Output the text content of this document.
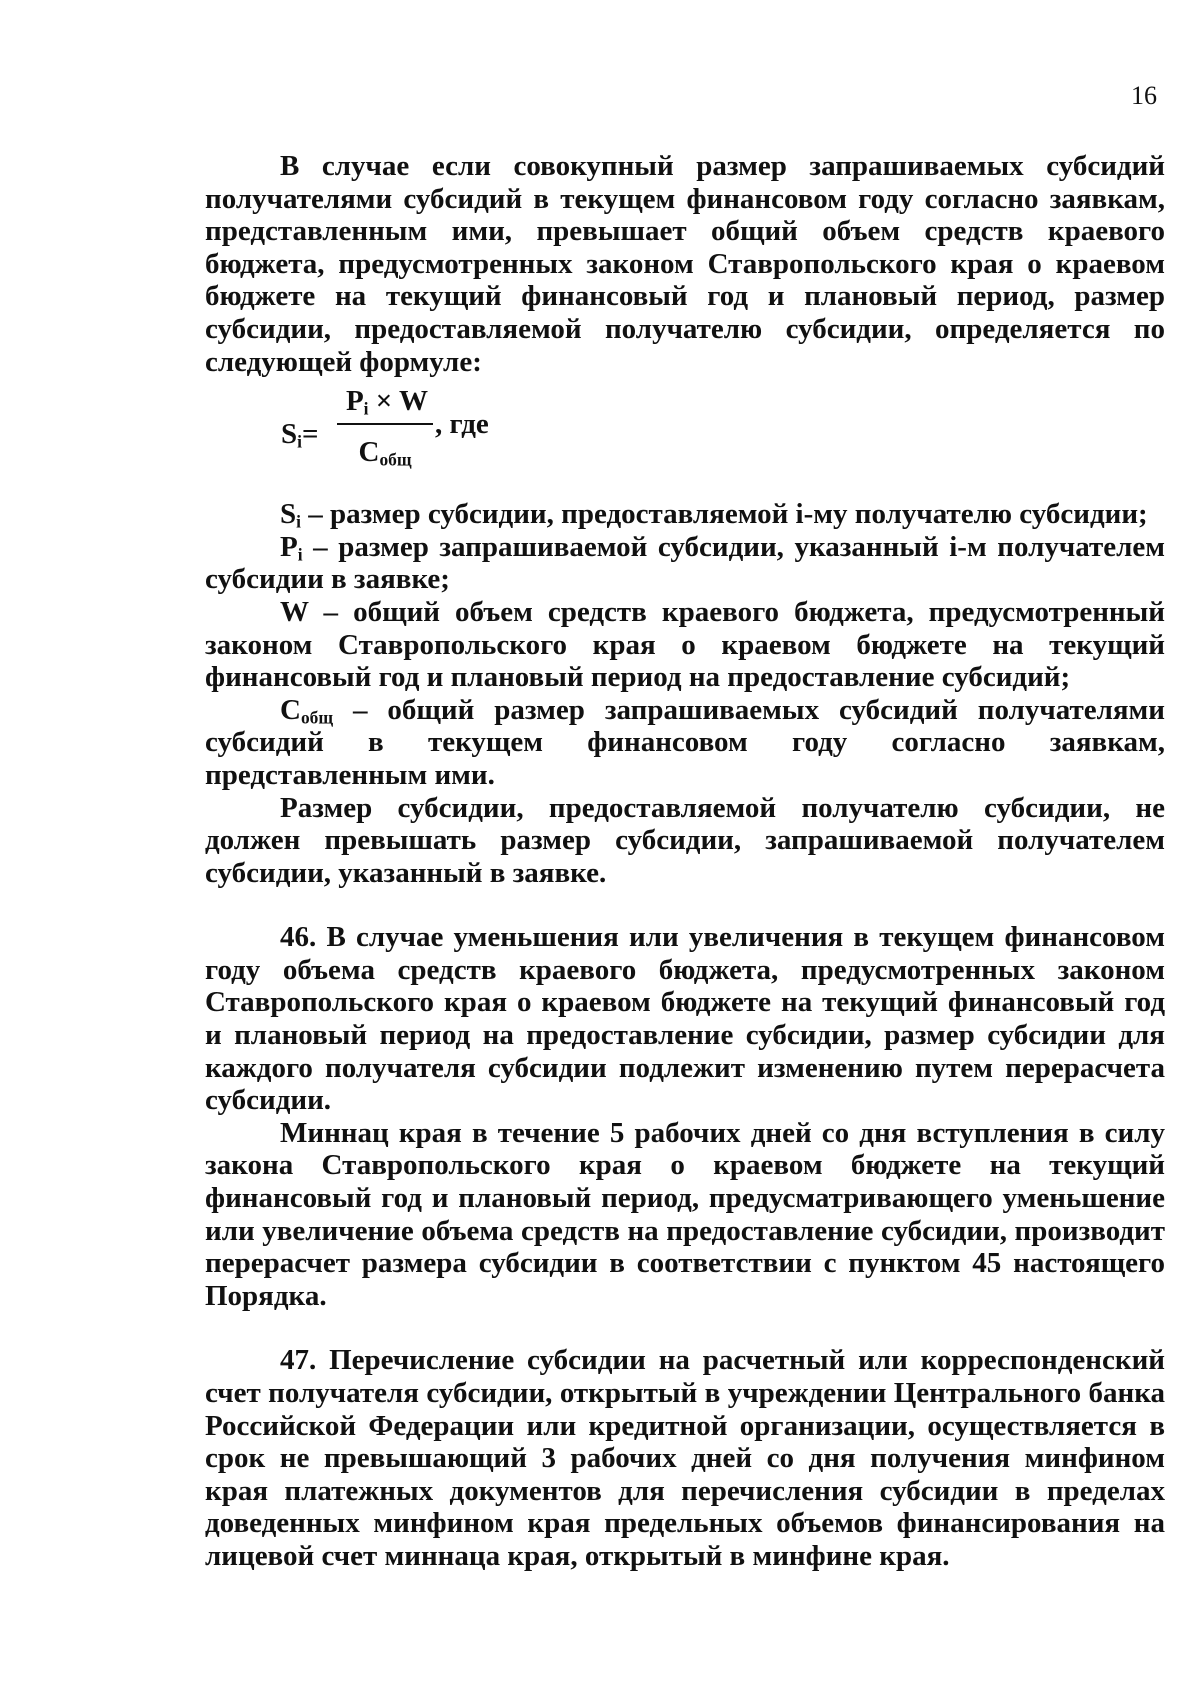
16

В случае если совокупный размер запрашиваемых субсидий получателями субсидий в текущем финансовом году согласно заявкам, представленным ими, превышает общий объем средств краевого бюджета, предусмотренных законом Ставропольского края о краевом бюджете на текущий финансовый год и плановый период, размер субсидии, предоставляемой получателю субсидии, определяется по следующей формуле:

$S_i=$
$P_i \times W$
$С_{общ}$
, где

$S_i$ – размер субсидии, предоставляемой i-му получателю субсидии;

$P_i$ – размер запрашиваемой субсидии, указанный i-м получателем субсидии в заявке;

W – общий объем средств краевого бюджета, предусмотренный законом Ставропольского края о краевом бюджете на текущий финансовый год и плановый период на предоставление субсидий;

$С_{общ}$ – общий размер запрашиваемых субсидий получателями субсидий в текущем финансовом году согласно заявкам, представленным ими.

Размер субсидии, предоставляемой получателю субсидии, не должен превышать размер субсидии, запрашиваемой получателем субсидии, указанный в заявке.

46. В случае уменьшения или увеличения в текущем финансовом году объема средств краевого бюджета, предусмотренных законом Ставропольского края о краевом бюджете на текущий финансовый год и плановый период на предоставление субсидии, размер субсидии для каждого получателя субсидии подлежит изменению путем перерасчета субсидии.

Миннац края в течение 5 рабочих дней со дня вступления в силу закона Ставропольского края о краевом бюджете на текущий финансовый год и плановый период, предусматривающего уменьшение или увеличение объема средств на предоставление субсидии, производит перерасчет размера субсидии в соответствии с пунктом 45 настоящего Порядка.

47. Перечисление субсидии на расчетный или корреспонденский счет получателя субсидии, открытый в учреждении Центрального банка Российской Федерации или кредитной организации, осуществляется в срок не превышающий 3 рабочих дней со дня получения минфином края платежных документов для перечисления субсидии в пределах доведенных минфином края предельных объемов финансирования на лицевой счет миннаца края, открытый в минфине края.
